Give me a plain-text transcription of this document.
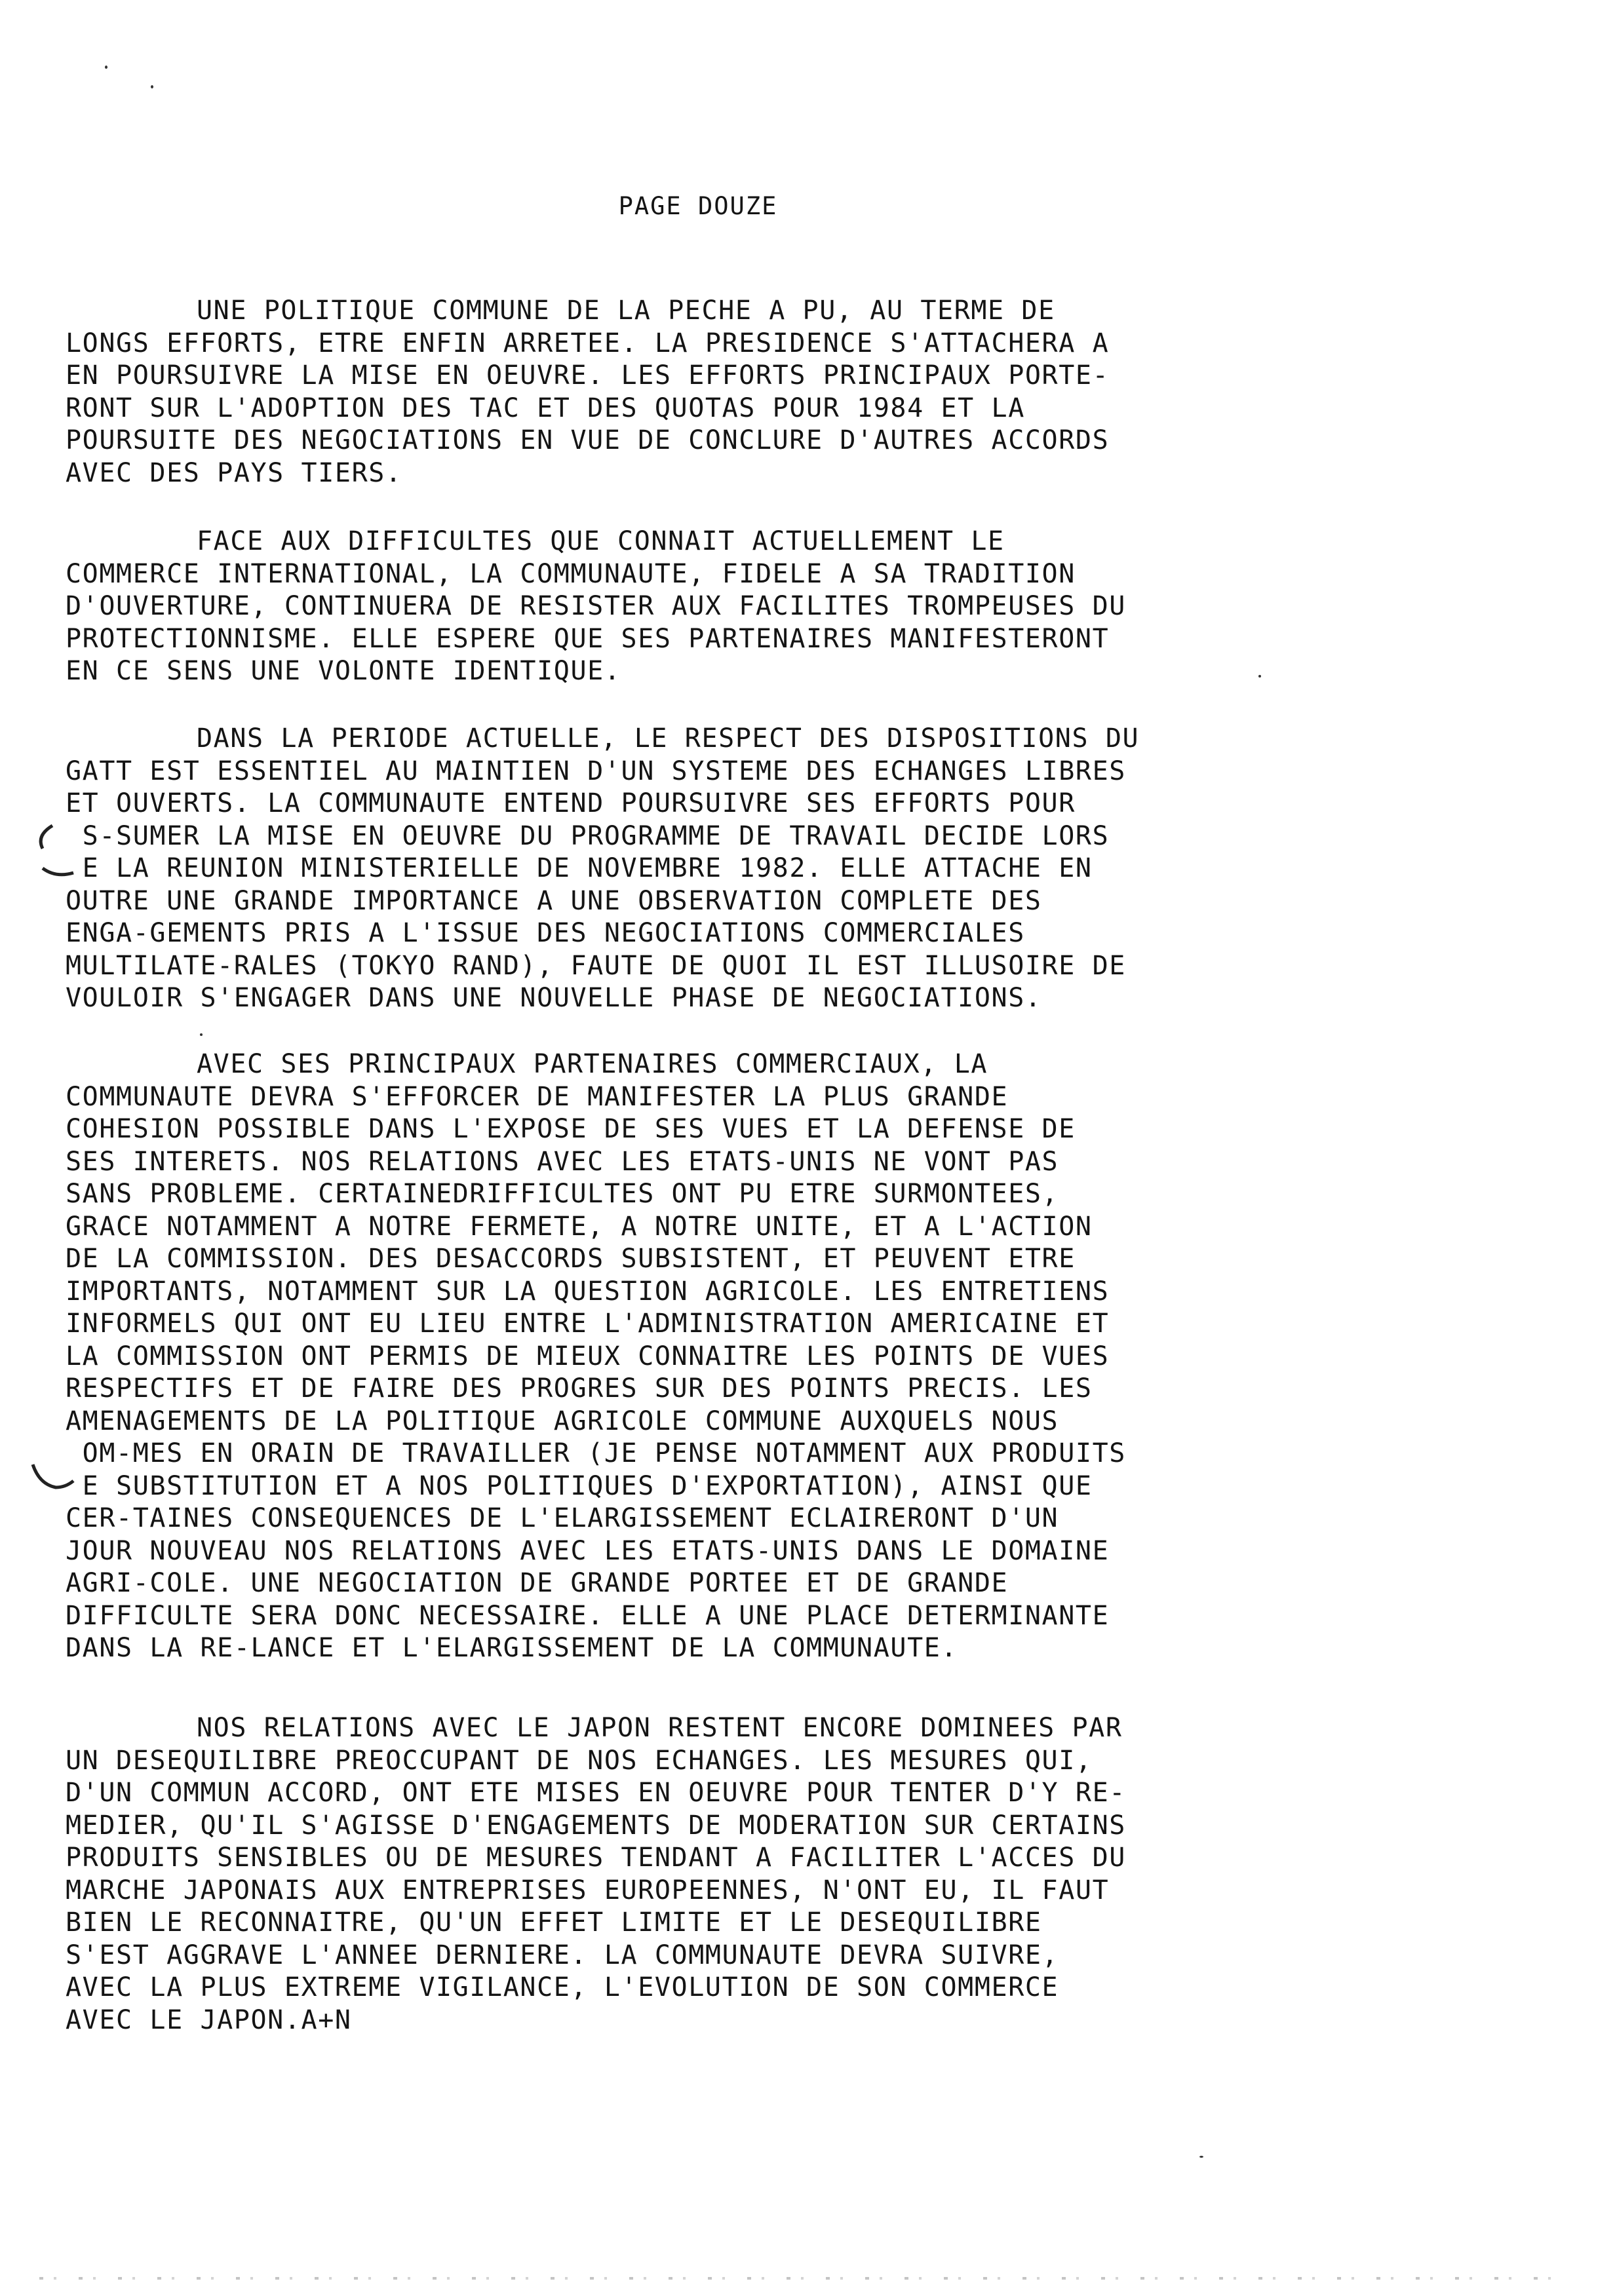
PAGE DOUZE
UNE POLITIQUE COMMUNE DE LA PECHE A PU, AU TERME DE
LONGS EFFORTS, ETRE ENFIN ARRETEE. LA PRESIDENCE S'ATTACHERA A
EN POURSUIVRE LA MISE EN OEUVRE. LES EFFORTS PRINCIPAUX PORTE-
RONT SUR L'ADOPTION DES TAC ET DES QUOTAS POUR 1984 ET LA
POURSUITE DES NEGOCIATIONS EN VUE DE CONCLURE D'AUTRES ACCORDS
AVEC DES PAYS TIERS.
FACE AUX DIFFICULTES QUE CONNAIT ACTUELLEMENT LE
COMMERCE INTERNATIONAL, LA COMMUNAUTE, FIDELE A SA TRADITION
D'OUVERTURE, CONTINUERA DE RESISTER AUX FACILITES TROMPEUSES DU
PROTECTIONNISME. ELLE ESPERE QUE SES PARTENAIRES MANIFESTERONT
EN CE SENS UNE VOLONTE IDENTIQUE.
DANS LA PERIODE ACTUELLE, LE RESPECT DES DISPOSITIONS DU
GATT EST ESSENTIEL AU MAINTIEN D'UN SYSTEME DES ECHANGES LIBRES
ET OUVERTS. LA COMMUNAUTE ENTEND POURSUIVRE SES EFFORTS POUR
S-SUMER LA MISE EN OEUVRE DU PROGRAMME DE TRAVAIL DECIDE LORS
E LA REUNION MINISTERIELLE DE NOVEMBRE 1982. ELLE ATTACHE EN
OUTRE UNE GRANDE IMPORTANCE A UNE OBSERVATION COMPLETE DES
ENGA-GEMENTS PRIS A L'ISSUE DES NEGOCIATIONS COMMERCIALES
MULTILATE-RALES (TOKYO RAND), FAUTE DE QUOI IL EST ILLUSOIRE DE
VOULOIR S'ENGAGER DANS UNE NOUVELLE PHASE DE NEGOCIATIONS.
AVEC SES PRINCIPAUX PARTENAIRES COMMERCIAUX, LA
COMMUNAUTE DEVRA S'EFFORCER DE MANIFESTER LA PLUS GRANDE
COHESION POSSIBLE DANS L'EXPOSE DE SES VUES ET LA DEFENSE DE
SES INTERETS. NOS RELATIONS AVEC LES ETATS-UNIS NE VONT PAS
SANS PROBLEME. CERTAINEDRIFFICULTES ONT PU ETRE SURMONTEES,
GRACE NOTAMMENT A NOTRE FERMETE, A NOTRE UNITE, ET A L'ACTION
DE LA COMMISSION. DES DESACCORDS SUBSISTENT, ET PEUVENT ETRE
IMPORTANTS, NOTAMMENT SUR LA QUESTION AGRICOLE. LES ENTRETIENS
INFORMELS QUI ONT EU LIEU ENTRE L'ADMINISTRATION AMERICAINE ET
LA COMMISSION ONT PERMIS DE MIEUX CONNAITRE LES POINTS DE VUES
RESPECTIFS ET DE FAIRE DES PROGRES SUR DES POINTS PRECIS. LES
AMENAGEMENTS DE LA POLITIQUE AGRICOLE COMMUNE AUXQUELS NOUS
OM-MES EN ORAIN DE TRAVAILLER (JE PENSE NOTAMMENT AUX PRODUITS
E SUBSTITUTION ET A NOS POLITIQUES D'EXPORTATION), AINSI QUE
CER-TAINES CONSEQUENCES DE L'ELARGISSEMENT ECLAIRERONT D'UN
JOUR NOUVEAU NOS RELATIONS AVEC LES ETATS-UNIS DANS LE DOMAINE
AGRI-COLE. UNE NEGOCIATION DE GRANDE PORTEE ET DE GRANDE
DIFFICULTE SERA DONC NECESSAIRE. ELLE A UNE PLACE DETERMINANTE
DANS LA RE-LANCE ET L'ELARGISSEMENT DE LA COMMUNAUTE.
NOS RELATIONS AVEC LE JAPON RESTENT ENCORE DOMINEES PAR
UN DESEQUILIBRE PREOCCUPANT DE NOS ECHANGES. LES MESURES QUI,
D'UN COMMUN ACCORD, ONT ETE MISES EN OEUVRE POUR TENTER D'Y RE-
MEDIER, QU'IL S'AGISSE D'ENGAGEMENTS DE MODERATION SUR CERTAINS
PRODUITS SENSIBLES OU DE MESURES TENDANT A FACILITER L'ACCES DU
MARCHE JAPONAIS AUX ENTREPRISES EUROPEENNES, N'ONT EU, IL FAUT
BIEN LE RECONNAITRE, QU'UN EFFET LIMITE ET LE DESEQUILIBRE
S'EST AGGRAVE L'ANNEE DERNIERE. LA COMMUNAUTE DEVRA SUIVRE,
AVEC LA PLUS EXTREME VIGILANCE, L'EVOLUTION DE SON COMMERCE
AVEC LE JAPON.A+N
